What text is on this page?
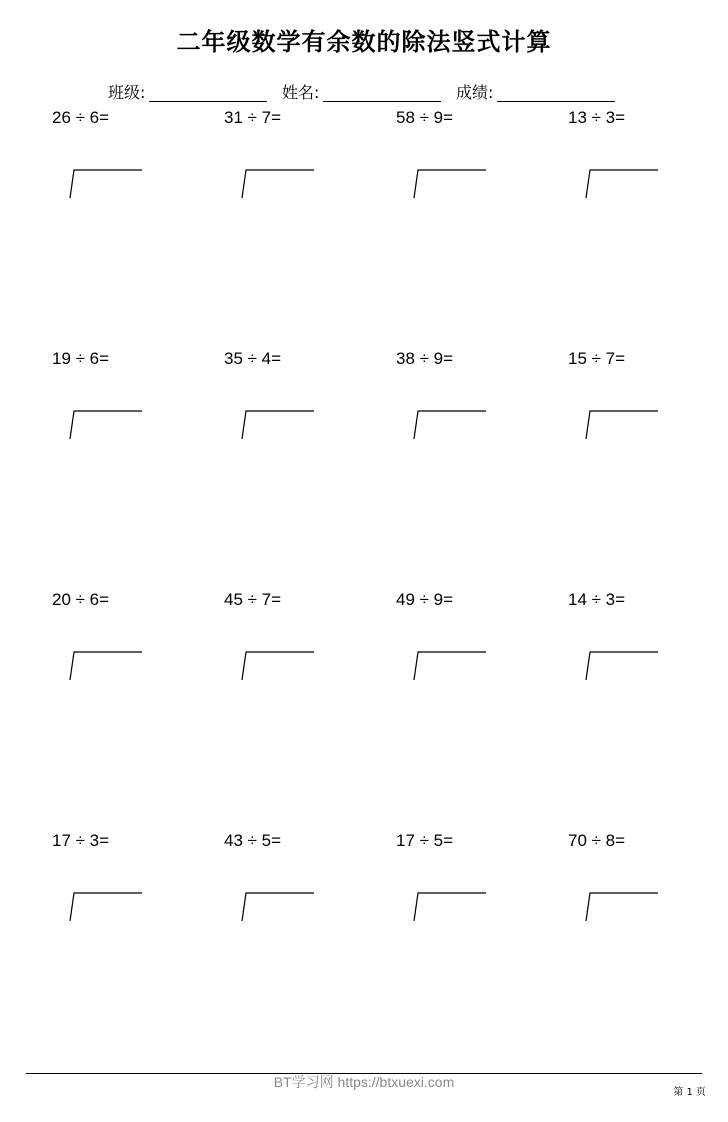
二年级数学有余数的除法竖式计算
班级:	姓名:	成绩:
26 ÷ 6=	31 ÷ 7=	58 ÷ 9=	13 ÷ 3=
19 ÷ 6=	35 ÷ 4=	38 ÷ 9=	15 ÷ 7=
20 ÷ 6=	45 ÷ 7=	49 ÷ 9=	14 ÷ 3=
17 ÷ 3=	43 ÷ 5=	17 ÷ 5=	70 ÷ 8=
BT学习网 https://btxuexi.com
第 1 页
